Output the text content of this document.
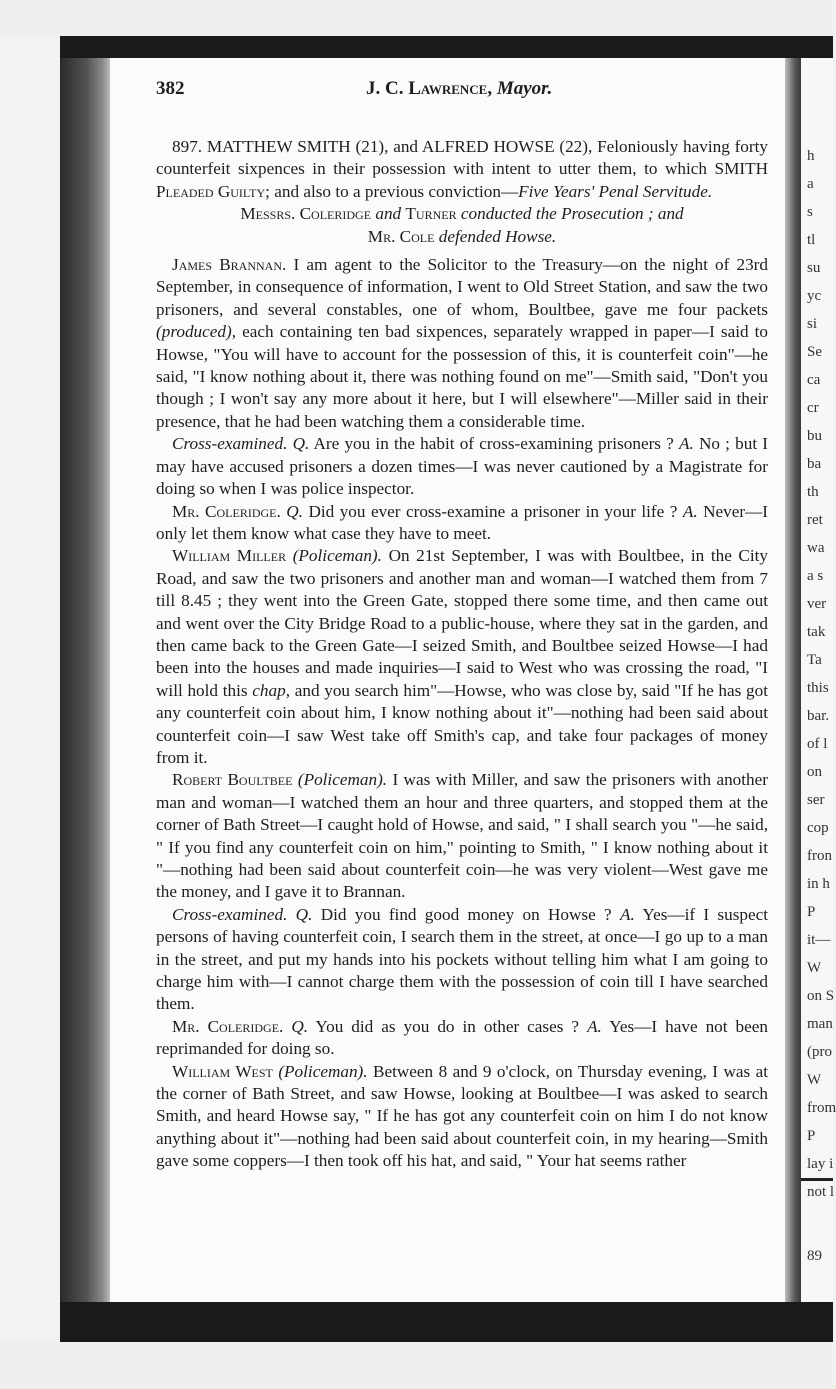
h
a
s
tl
su
yc
si
Se
ca
cr
bu
ba
th
ret
wa
a s
ver
tak
Ta
this
bar.
of l
on
ser
cop
fron
in h
P
it—
W
on S
man
(pro
W
from
P
lay i
not l
89
382	J. C. Lawrence, Mayor.

897. MATTHEW SMITH (21), and ALFRED HOWSE (22), Feloniously having forty counterfeit sixpences in their possession with intent to utter them, to which SMITH Pleaded Guilty; and also to a previous conviction—Five Years' Penal Servitude.

Messrs. Coleridge and Turner conducted the Prosecution ; and

Mr. Cole defended Howse.

James Brannan. I am agent to the Solicitor to the Treasury—on the night of 23rd September, in consequence of information, I went to Old Street Station, and saw the two prisoners, and several constables, one of whom, Boultbee, gave me four packets (produced), each containing ten bad sixpences, separately wrapped in paper—I said to Howse, "You will have to account for the possession of this, it is counterfeit coin"—he said, "I know nothing about it, there was nothing found on me"—Smith said, "Don't you though ; I won't say any more about it here, but I will elsewhere"—Miller said in their presence, that he had been watching them a considerable time.

Cross-examined. Q. Are you in the habit of cross-examining prisoners ? A. No ; but I may have accused prisoners a dozen times—I was never cautioned by a Magistrate for doing so when I was police inspector.

Mr. Coleridge. Q. Did you ever cross-examine a prisoner in your life ? A. Never—I only let them know what case they have to meet.

William Miller (Policeman). On 21st September, I was with Boultbee, in the City Road, and saw the two prisoners and another man and woman—I watched them from 7 till 8.45 ; they went into the Green Gate, stopped there some time, and then came out and went over the City Bridge Road to a public-house, where they sat in the garden, and then came back to the Green Gate—I seized Smith, and Boultbee seized Howse—I had been into the houses and made inquiries—I said to West who was crossing the road, "I will hold this chap, and you search him"—Howse, who was close by, said "If he has got any counterfeit coin about him, I know nothing about it"—nothing had been said about counterfeit coin—I saw West take off Smith's cap, and take four packages of money from it.

Robert Boultbee (Policeman). I was with Miller, and saw the prisoners with another man and woman—I watched them an hour and three quarters, and stopped them at the corner of Bath Street—I caught hold of Howse, and said, " I shall search you "—he said, " If you find any counterfeit coin on him," pointing to Smith, " I know nothing about it "—nothing had been said about counterfeit coin—he was very violent—West gave me the money, and I gave it to Brannan.

Cross-examined. Q. Did you find good money on Howse ? A. Yes—if I suspect persons of having counterfeit coin, I search them in the street, at once—I go up to a man in the street, and put my hands into his pockets without telling him what I am going to charge him with—I cannot charge them with the possession of coin till I have searched them.

Mr. Coleridge. Q. You did as you do in other cases ? A. Yes—I have not been reprimanded for doing so.

William West (Policeman). Between 8 and 9 o'clock, on Thursday evening, I was at the corner of Bath Street, and saw Howse, looking at Boultbee—I was asked to search Smith, and heard Howse say, " If he has got any counterfeit coin on him I do not know anything about it"—nothing had been said about counterfeit coin, in my hearing—Smith gave some coppers—I then took off his hat, and said, " Your hat seems rather
